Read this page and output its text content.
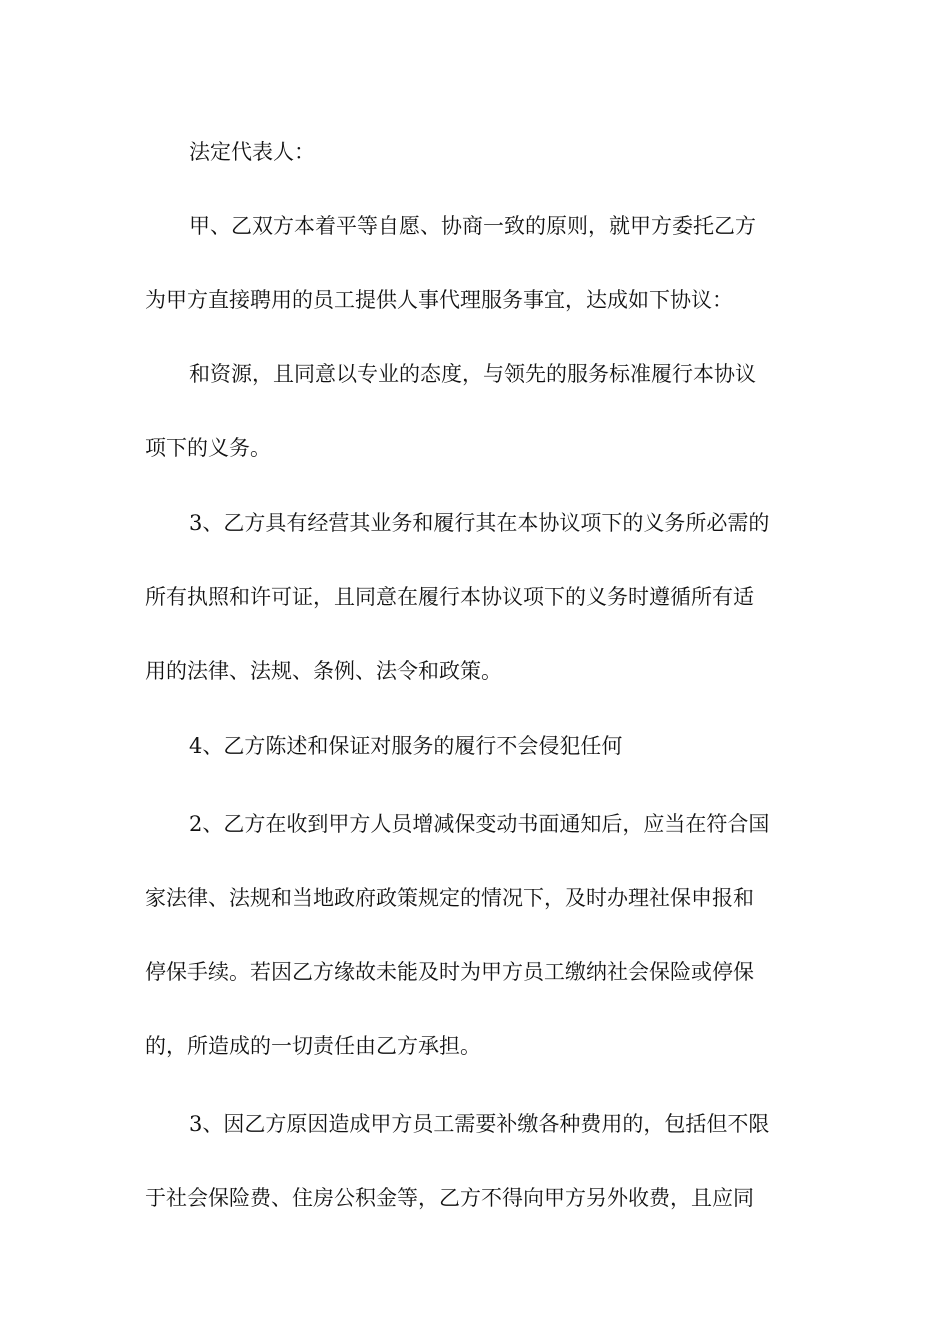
法定代表人：

甲、乙双方本着平等自愿、协商一致的原则，就甲方委托乙方

为甲方直接聘用的员工提供人事代理服务事宜，达成如下协议：

和资源，且同意以专业的态度，与领先的服务标准履行本协议

项下的义务。

3、乙方具有经营其业务和履行其在本协议项下的义务所必需的

所有执照和许可证，且同意在履行本协议项下的义务时遵循所有适

用的法律、法规、条例、法令和政策。

4、乙方陈述和保证对服务的履行不会侵犯任何

2、乙方在收到甲方人员增减保变动书面通知后，应当在符合国

家法律、法规和当地政府政策规定的情况下，及时办理社保申报和

停保手续。若因乙方缘故未能及时为甲方员工缴纳社会保险或停保

的，所造成的一切责任由乙方承担。

3、因乙方原因造成甲方员工需要补缴各种费用的，包括但不限

于社会保险费、住房公积金等，乙方不得向甲方另外收费，且应同
